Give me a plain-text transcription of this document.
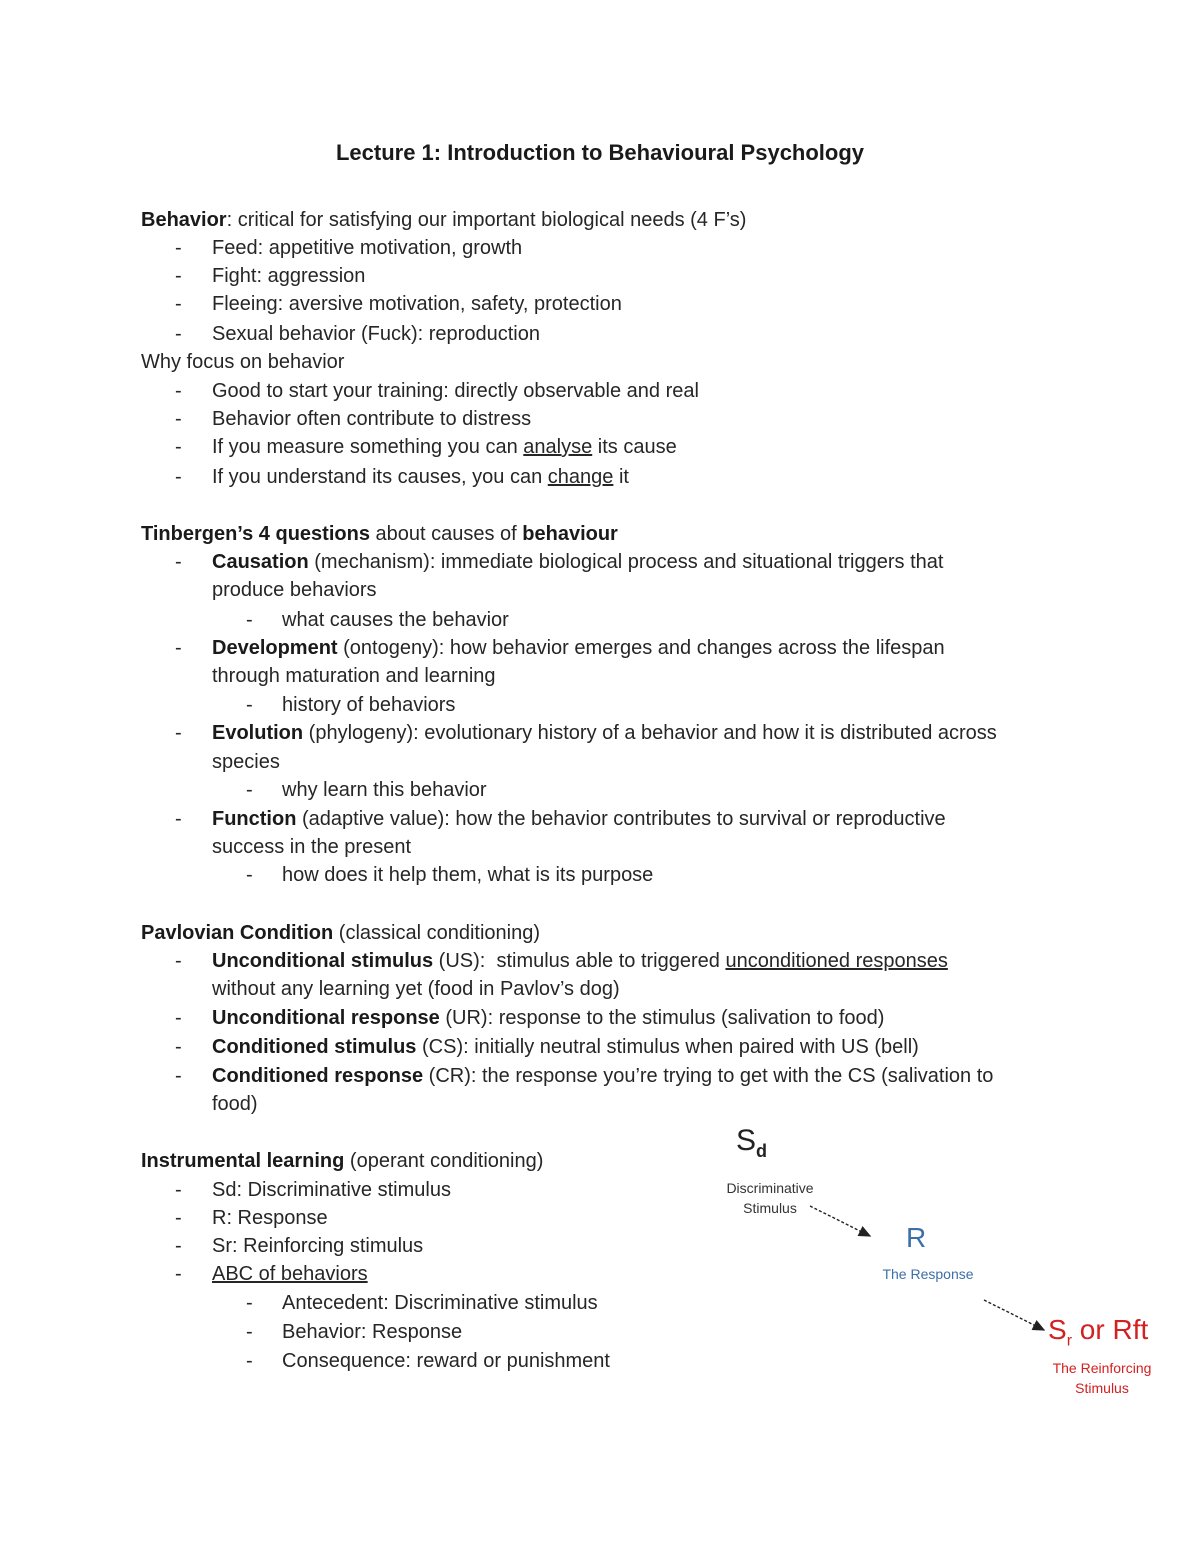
Lecture 1: Introduction to Behavioural Psychology
Behavior: critical for satisfying our important biological needs (4 F’s)
- Feed: appetitive motivation, growth
- Fight: aggression
- Fleeing: aversive motivation, safety, protection
- Sexual behavior (Fuck): reproduction
Why focus on behavior
- Good to start your training: directly observable and real
- Behavior often contribute to distress
- If you measure something you can analyse its cause
- If you understand its causes, you can change it
Tinbergen’s 4 questions about causes of behaviour
- Causation (mechanism): immediate biological process and situational triggers that
produce behaviors
- what causes the behavior
- Development (ontogeny): how behavior emerges and changes across the lifespan
through maturation and learning
- history of behaviors
- Evolution (phylogeny): evolutionary history of a behavior and how it is distributed across
species
- why learn this behavior
- Function (adaptive value): how the behavior contributes to survival or reproductive
success in the present
- how does it help them, what is its purpose
Pavlovian Condition (classical conditioning)
- Unconditional stimulus (US):  stimulus able to triggered unconditioned responses
without any learning yet (food in Pavlov’s dog)
- Unconditional response (UR): response to the stimulus (salivation to food)
- Conditioned stimulus (CS): initially neutral stimulus when paired with US (bell)
- Conditioned response (CR): the response you’re trying to get with the CS (salivation to
food)
Instrumental learning (operant conditioning)
- Sd: Discriminative stimulus
- R: Response
- Sr: Reinforcing stimulus
- ABC of behaviors
- Antecedent: Discriminative stimulus
- Behavior: Response
- Consequence: reward or punishment
$S_d$
Discriminative
Stimulus
R
The Response
$S_r$ or Rft
The Reinforcing
Stimulus
